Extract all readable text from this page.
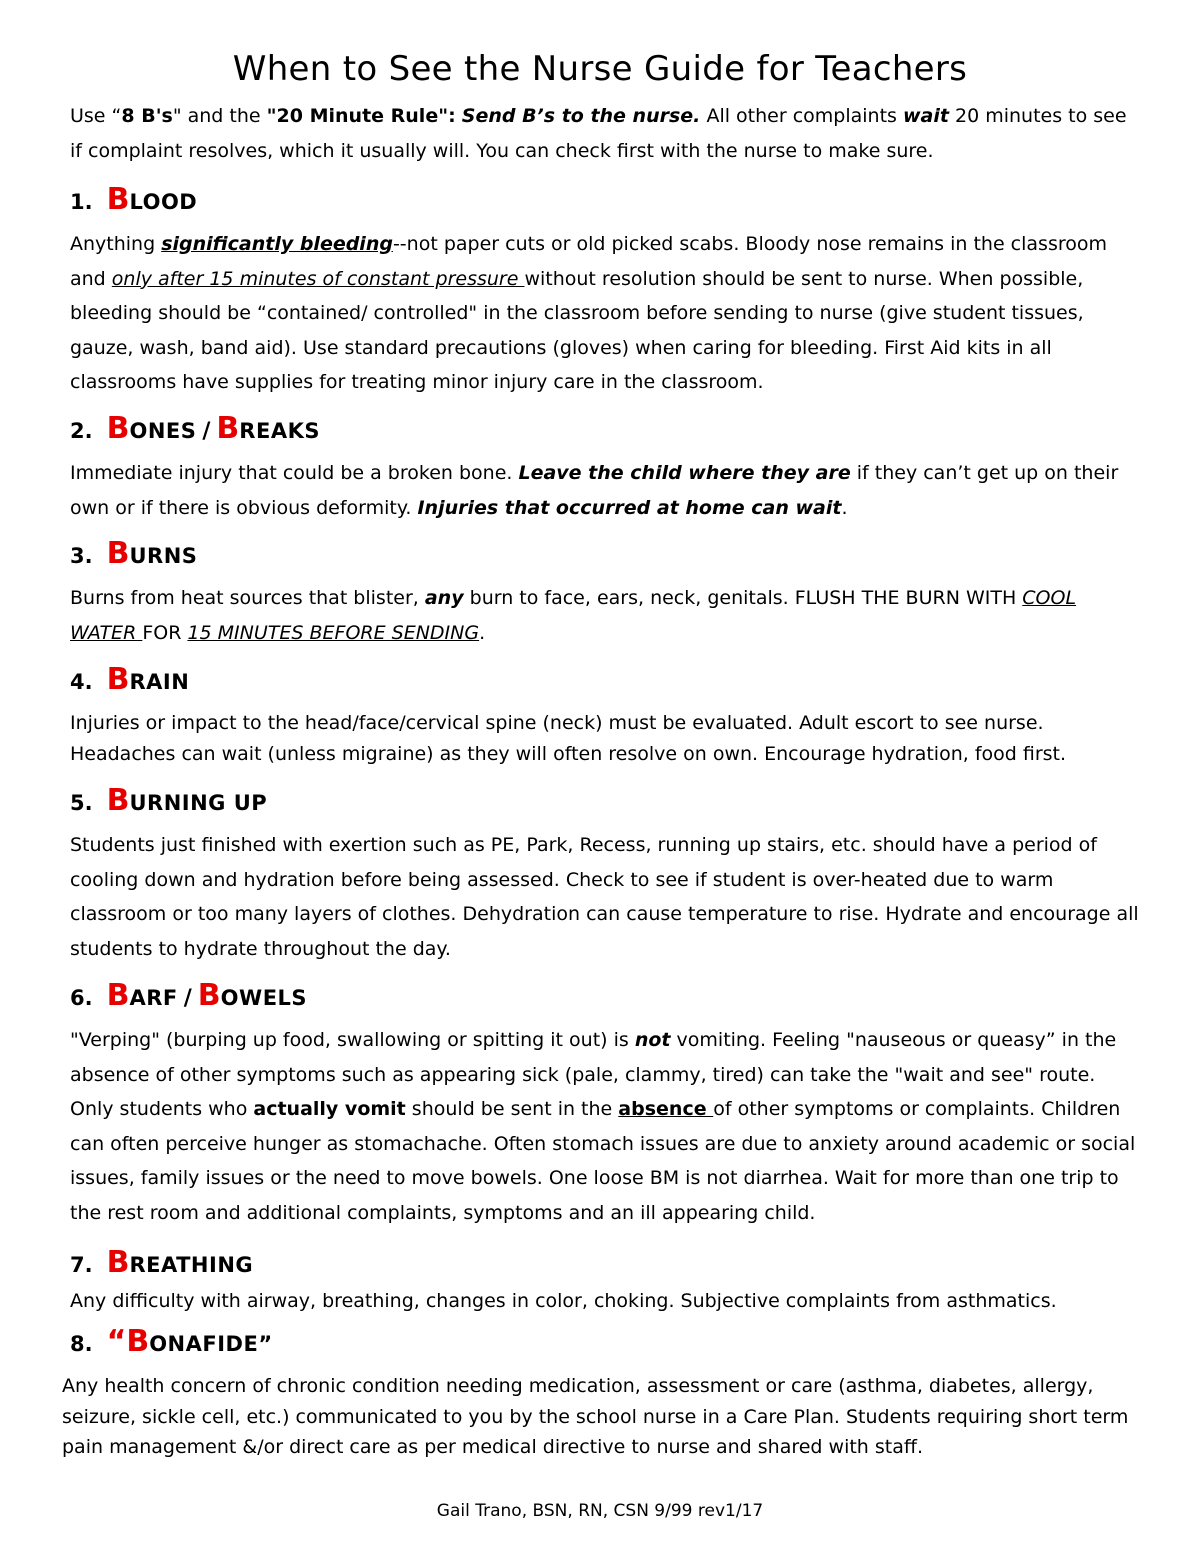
When to See the Nurse Guide for Teachers
Use “8 B's" and the "20 Minute Rule": Send B’s to the nurse. All other complaints wait 20 minutes to see if complaint resolves, which it usually will. You can check first with the nurse to make sure.
1. BLOOD
Anything significantly bleeding--not paper cuts or old picked scabs. Bloody nose remains in the classroom and only after 15 minutes of constant pressure without resolution should be sent to nurse. When possible, bleeding should be “contained/ controlled" in the classroom before sending to nurse (give student tissues, gauze, wash, band aid). Use standard precautions (gloves) when caring for bleeding. First Aid kits in all classrooms have supplies for treating minor injury care in the classroom.
2. BONES / BREAKS
Immediate injury that could be a broken bone. Leave the child where they are if they can’t get up on their own or if there is obvious deformity. Injuries that occurred at home can wait.
3. BURNS
Burns from heat sources that blister, any burn to face, ears, neck, genitals. FLUSH THE BURN WITH COOL WATER FOR 15 MINUTES BEFORE SENDING.
4. BRAIN
Injuries or impact to the head/face/cervical spine (neck) must be evaluated. Adult escort to see nurse. Headaches can wait (unless migraine) as they will often resolve on own. Encourage hydration, food first.
5. BURNING UP
Students just finished with exertion such as PE, Park, Recess, running up stairs, etc. should have a period of cooling down and hydration before being assessed. Check to see if student is over-heated due to warm classroom or too many layers of clothes. Dehydration can cause temperature to rise. Hydrate and encourage all students to hydrate throughout the day.
6. BARF / BOWELS
"Verping" (burping up food, swallowing or spitting it out) is not vomiting. Feeling "nauseous or queasy” in the absence of other symptoms such as appearing sick (pale, clammy, tired) can take the "wait and see" route. Only students who actually vomit should be sent in the absence of other symptoms or complaints. Children can often perceive hunger as stomachache. Often stomach issues are due to anxiety around academic or social issues, family issues or the need to move bowels. One loose BM is not diarrhea. Wait for more than one trip to the rest room and additional complaints, symptoms and an ill appearing child.
7. BREATHING
Any difficulty with airway, breathing, changes in color, choking. Subjective complaints from asthmatics.
8. “BONAFIDE”
Any health concern of chronic condition needing medication, assessment or care (asthma, diabetes, allergy, seizure, sickle cell, etc.) communicated to you by the school nurse in a Care Plan. Students requiring short term pain management &/or direct care as per medical directive to nurse and shared with staff.
Gail Trano, BSN, RN, CSN 9/99 rev1/17
